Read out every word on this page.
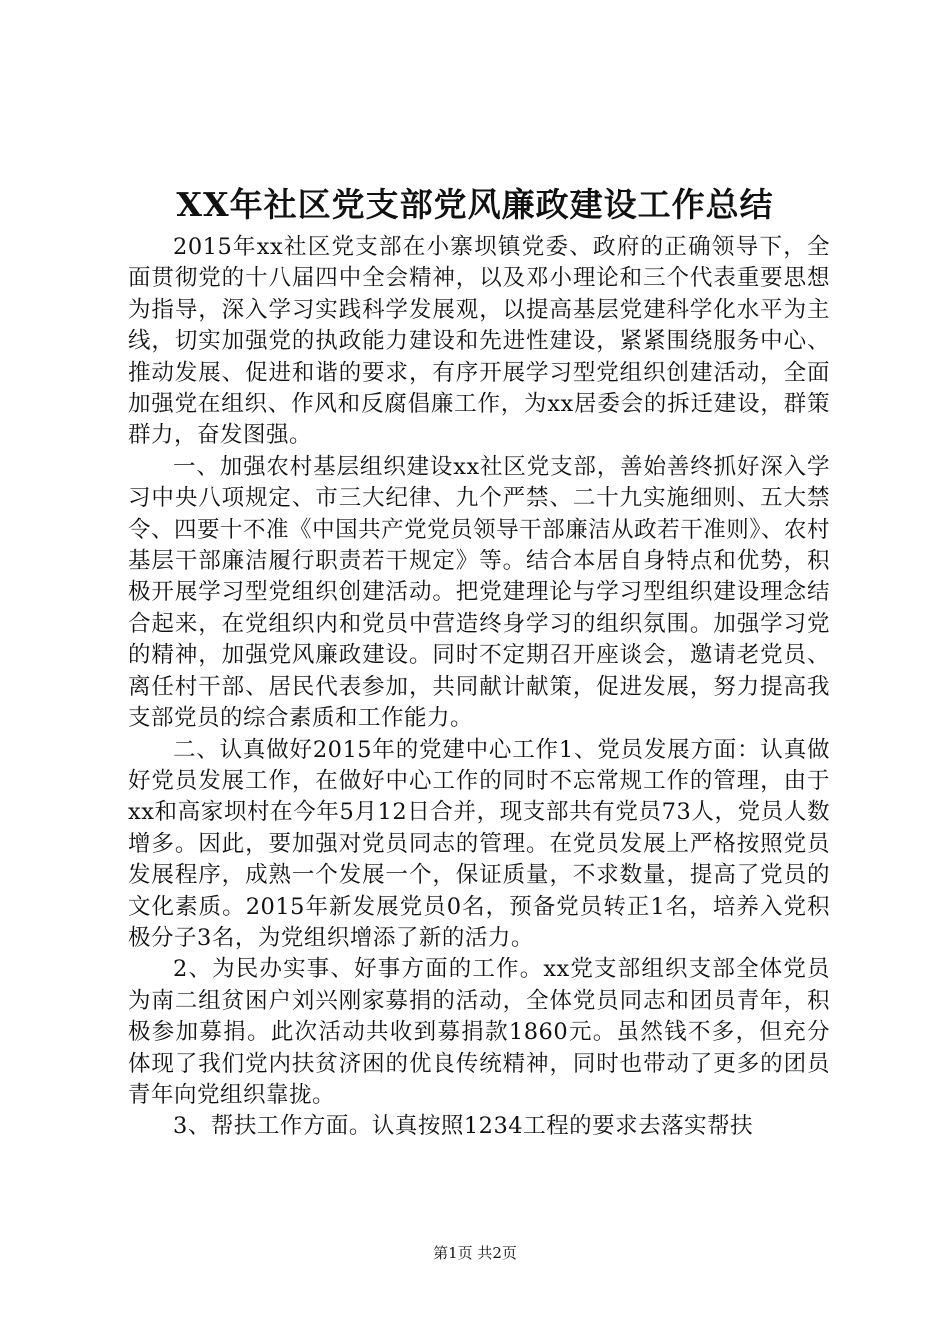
XX年社区党支部党风廉政建设工作总结

2015年xx社区党支部在小寨坝镇党委、政府的正确领导下，全面贯彻党的十八届四中全会精神，以及邓小理论和三个代表重要思想为指导，深入学习实践科学发展观，以提高基层党建科学化水平为主线，切实加强党的执政能力建设和先进性建设，紧紧围绕服务中心、推动发展、促进和谐的要求，有序开展学习型党组织创建活动，全面加强党在组织、作风和反腐倡廉工作，为xx居委会的拆迁建设，群策群力，奋发图强。

一、加强农村基层组织建设xx社区党支部，善始善终抓好深入学习中央八项规定、市三大纪律、九个严禁、二十九实施细则、五大禁令、四要十不准《中国共产党党员领导干部廉洁从政若干准则》、农村基层干部廉洁履行职责若干规定》等。结合本居自身特点和优势，积极开展学习型党组织创建活动。把党建理论与学习型组织建设理念结合起来，在党组织内和党员中营造终身学习的组织氛围。加强学习党的精神，加强党风廉政建设。同时不定期召开座谈会，邀请老党员、离任村干部、居民代表参加，共同献计献策，促进发展，努力提高我支部党员的综合素质和工作能力。

二、认真做好2015年的党建中心工作1、党员发展方面：认真做好党员发展工作，在做好中心工作的同时不忘常规工作的管理，由于xx和高家坝村在今年5月12日合并，现支部共有党员73人，党员人数增多。因此，要加强对党员同志的管理。在党员发展上严格按照党员发展程序，成熟一个发展一个，保证质量，不求数量，提高了党员的文化素质。2015年新发展党员0名，预备党员转正1名，培养入党积极分子3名，为党组织增添了新的活力。

2、为民办实事、好事方面的工作。xx党支部组织支部全体党员为南二组贫困户刘兴刚家募捐的活动，全体党员同志和团员青年，积极参加募捐。此次活动共收到募捐款1860元。虽然钱不多，但充分体现了我们党内扶贫济困的优良传统精神，同时也带动了更多的团员青年向党组织靠拢。

3、帮扶工作方面。认真按照1234工程的要求去落实帮扶

第1页 共2页
